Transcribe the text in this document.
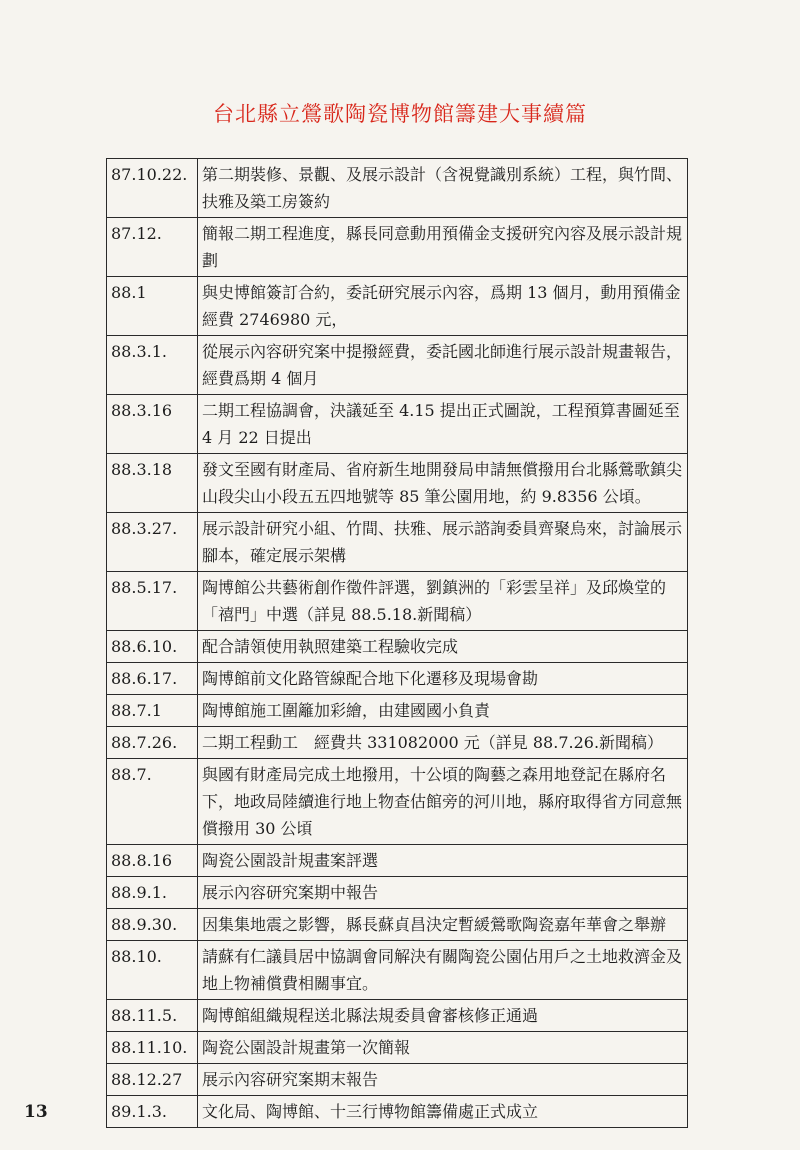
台北縣立鶯歌陶瓷博物館籌建大事續篇
87.10.22.	第二期裝修、景觀、及展示設計（含視覺識別系統）工程，與竹間、扶雅及築工房簽約
87.12.	簡報二期工程進度，縣長同意動用預備金支援研究內容及展示設計規劃
88.1	與史博館簽訂合約，委託研究展示內容，爲期 13 個月，動用預備金經費 2746980 元，
88.3.1.	從展示內容研究案中提撥經費，委託國北師進行展示設計規畫報告，經費爲期 4 個月
88.3.16	二期工程協調會，決議延至 4.15 提出正式圖說，工程預算書圖延至 4 月 22 日提出
88.3.18	發文至國有財產局、省府新生地開發局申請無償撥用台北縣鶯歌鎮尖山段尖山小段五五四地號等 85 筆公園用地，約 9.8356 公頃。
88.3.27.	展示設計研究小組、竹間、扶雅、展示諮詢委員齊聚烏來，討論展示腳本，確定展示架構
88.5.17.	陶博館公共藝術創作徵件評選，劉鎮洲的「彩雲呈祥」及邱煥堂的「禧門」中選（詳見 88.5.18.新聞稿）
88.6.10.	配合請領使用執照建築工程驗收完成
88.6.17.	陶博館前文化路管線配合地下化遷移及現場會勘
88.7.1	陶博館施工圍籬加彩繪，由建國國小負責
88.7.26.	二期工程動工　經費共 331082000 元（詳見 88.7.26.新聞稿）
88.7.	與國有財產局完成土地撥用，十公頃的陶藝之森用地登記在縣府名下，地政局陸續進行地上物查估館旁的河川地，縣府取得省方同意無償撥用 30 公頃
88.8.16	陶瓷公園設計規畫案評選
88.9.1.	展示內容研究案期中報告
88.9.30.	因集集地震之影響，縣長蘇貞昌決定暫緩鶯歌陶瓷嘉年華會之舉辦
88.10.	請蘇有仁議員居中協調會同解決有關陶瓷公園佔用戶之土地救濟金及地上物補償費相關事宜。
88.11.5.	陶博館組織規程送北縣法規委員會審核修正通過
88.11.10.	陶瓷公園設計規畫第一次簡報
88.12.27	展示內容研究案期末報告
89.1.3.	文化局、陶博館、十三行博物館籌備處正式成立
13
